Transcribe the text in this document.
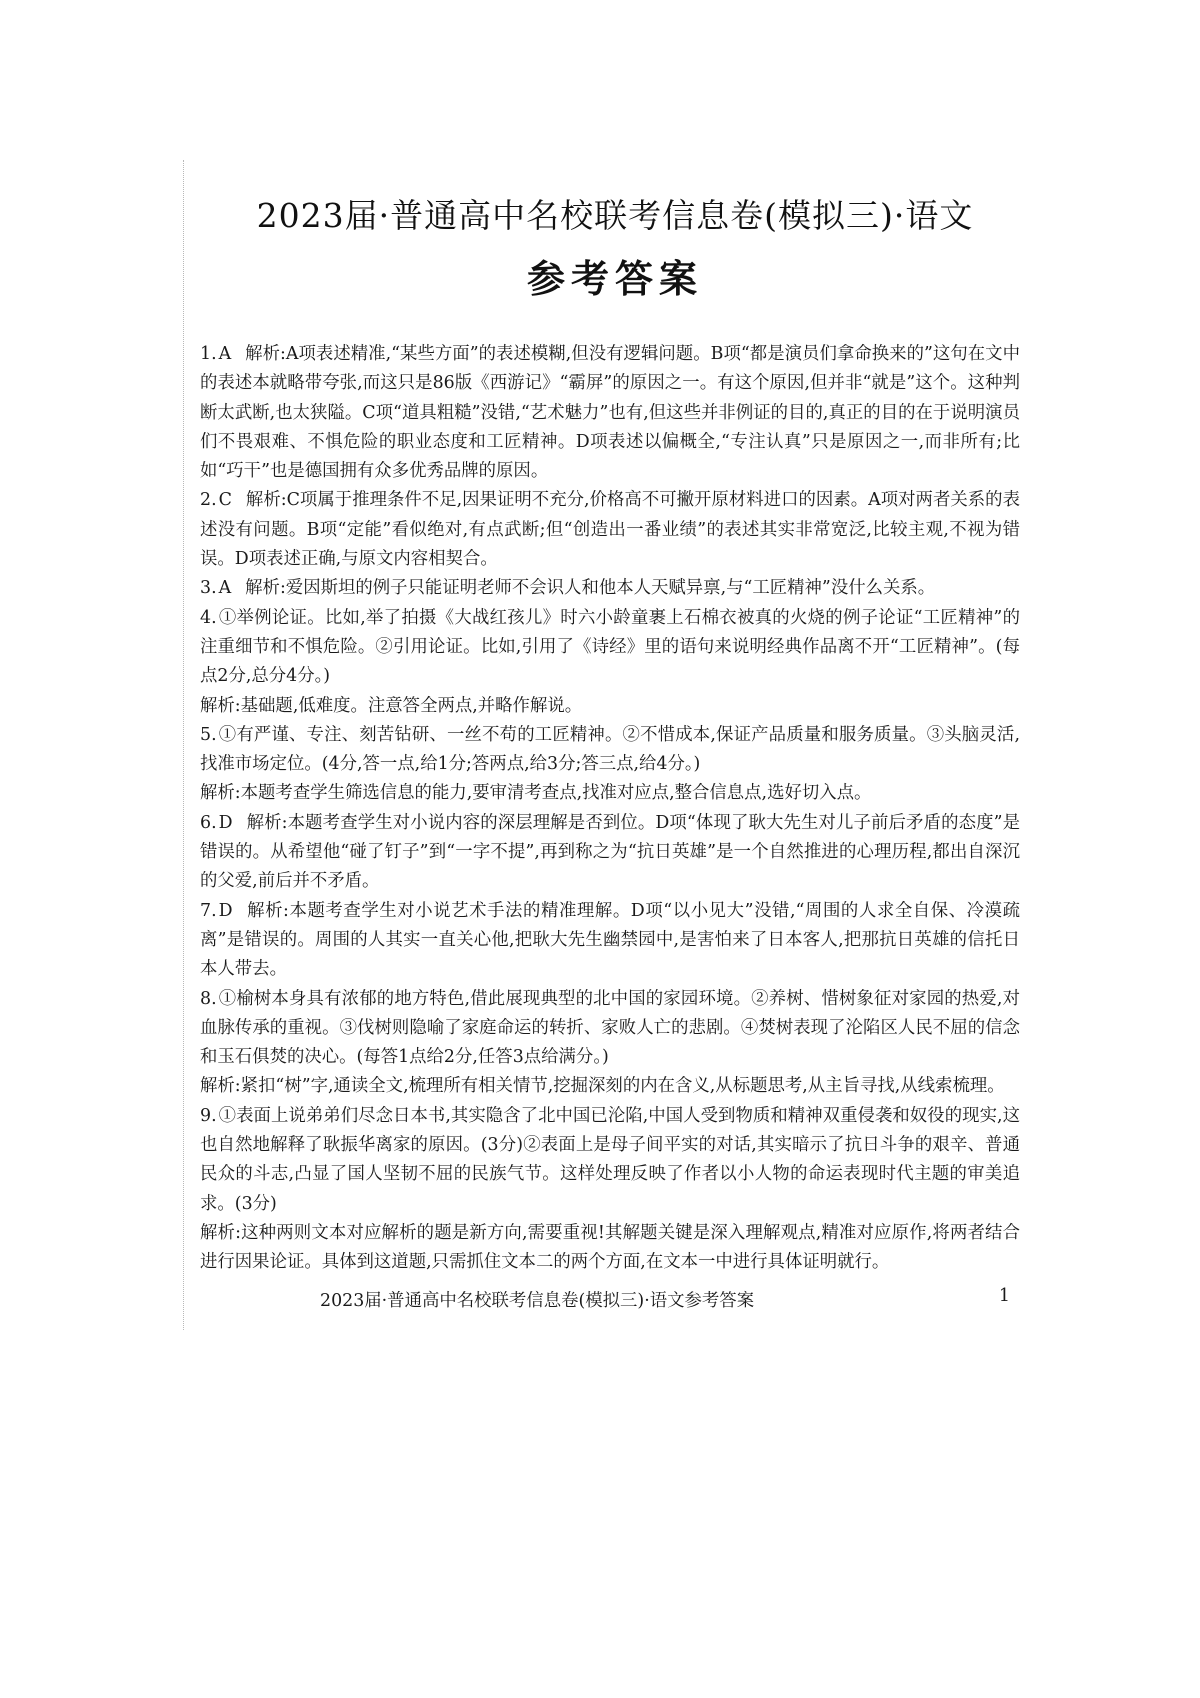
2023届·普通高中名校联考信息卷(模拟三)·语文
参考答案

1. A 解析:A项表述精准,“某些方面”的表述模糊,但没有逻辑问题。B项“都是演员们拿命换来的”这句在文中的表述本就略带夸张,而这只是86版《西游记》“霸屏”的原因之一。有这个原因,但并非“就是”这个。这种判断太武断,也太狭隘。C项“道具粗糙”没错,“艺术魅力”也有,但这些并非例证的目的,真正的目的在于说明演员们不畏艰难、不惧危险的职业态度和工匠精神。D项表述以偏概全,“专注认真”只是原因之一,而非所有;比如“巧干”也是德国拥有众多优秀品牌的原因。

2. C 解析:C项属于推理条件不足,因果证明不充分,价格高不可撇开原材料进口的因素。A项对两者关系的表述没有问题。B项“定能”看似绝对,有点武断;但“创造出一番业绩”的表述其实非常宽泛,比较主观,不视为错误。D项表述正确,与原文内容相契合。

3. A 解析:爱因斯坦的例子只能证明老师不会识人和他本人天赋异禀,与“工匠精神”没什么关系。

4. ①举例论证。比如,举了拍摄《大战红孩儿》时六小龄童裹上石棉衣被真的火烧的例子论证“工匠精神”的注重细节和不惧危险。②引用论证。比如,引用了《诗经》里的语句来说明经典作品离不开“工匠精神”。(每点2分,总分4分。)

解析:基础题,低难度。注意答全两点,并略作解说。

5. ①有严谨、专注、刻苦钻研、一丝不苟的工匠精神。②不惜成本,保证产品质量和服务质量。③头脑灵活,找准市场定位。(4分,答一点,给1分;答两点,给3分;答三点,给4分。)

解析:本题考查学生筛选信息的能力,要审清考查点,找准对应点,整合信息点,选好切入点。

6. D 解析:本题考查学生对小说内容的深层理解是否到位。D项“体现了耿大先生对儿子前后矛盾的态度”是错误的。从希望他“碰了钉子”到“一字不提”,再到称之为“抗日英雄”是一个自然推进的心理历程,都出自深沉的父爱,前后并不矛盾。

7. D 解析:本题考查学生对小说艺术手法的精准理解。D项“以小见大”没错,“周围的人求全自保、冷漠疏离”是错误的。周围的人其实一直关心他,把耿大先生幽禁园中,是害怕来了日本客人,把那抗日英雄的信托日本人带去。

8. ①榆树本身具有浓郁的地方特色,借此展现典型的北中国的家园环境。②养树、惜树象征对家园的热爱,对血脉传承的重视。③伐树则隐喻了家庭命运的转折、家败人亡的悲剧。④焚树表现了沦陷区人民不屈的信念和玉石俱焚的决心。(每答1点给2分,任答3点给满分。)

解析:紧扣“树”字,通读全文,梳理所有相关情节,挖掘深刻的内在含义,从标题思考,从主旨寻找,从线索梳理。

9. ①表面上说弟弟们尽念日本书,其实隐含了北中国已沦陷,中国人受到物质和精神双重侵袭和奴役的现实,这也自然地解释了耿振华离家的原因。(3分)②表面上是母子间平实的对话,其实暗示了抗日斗争的艰辛、普通民众的斗志,凸显了国人坚韧不屈的民族气节。这样处理反映了作者以小人物的命运表现时代主题的审美追求。(3分)

解析:这种两则文本对应解析的题是新方向,需要重视!其解题关键是深入理解观点,精准对应原作,将两者结合进行因果论证。具体到这道题,只需抓住文本二的两个方面,在文本一中进行具体证明就行。

2023届·普通高中名校联考信息卷(模拟三)·语文参考答案	1
